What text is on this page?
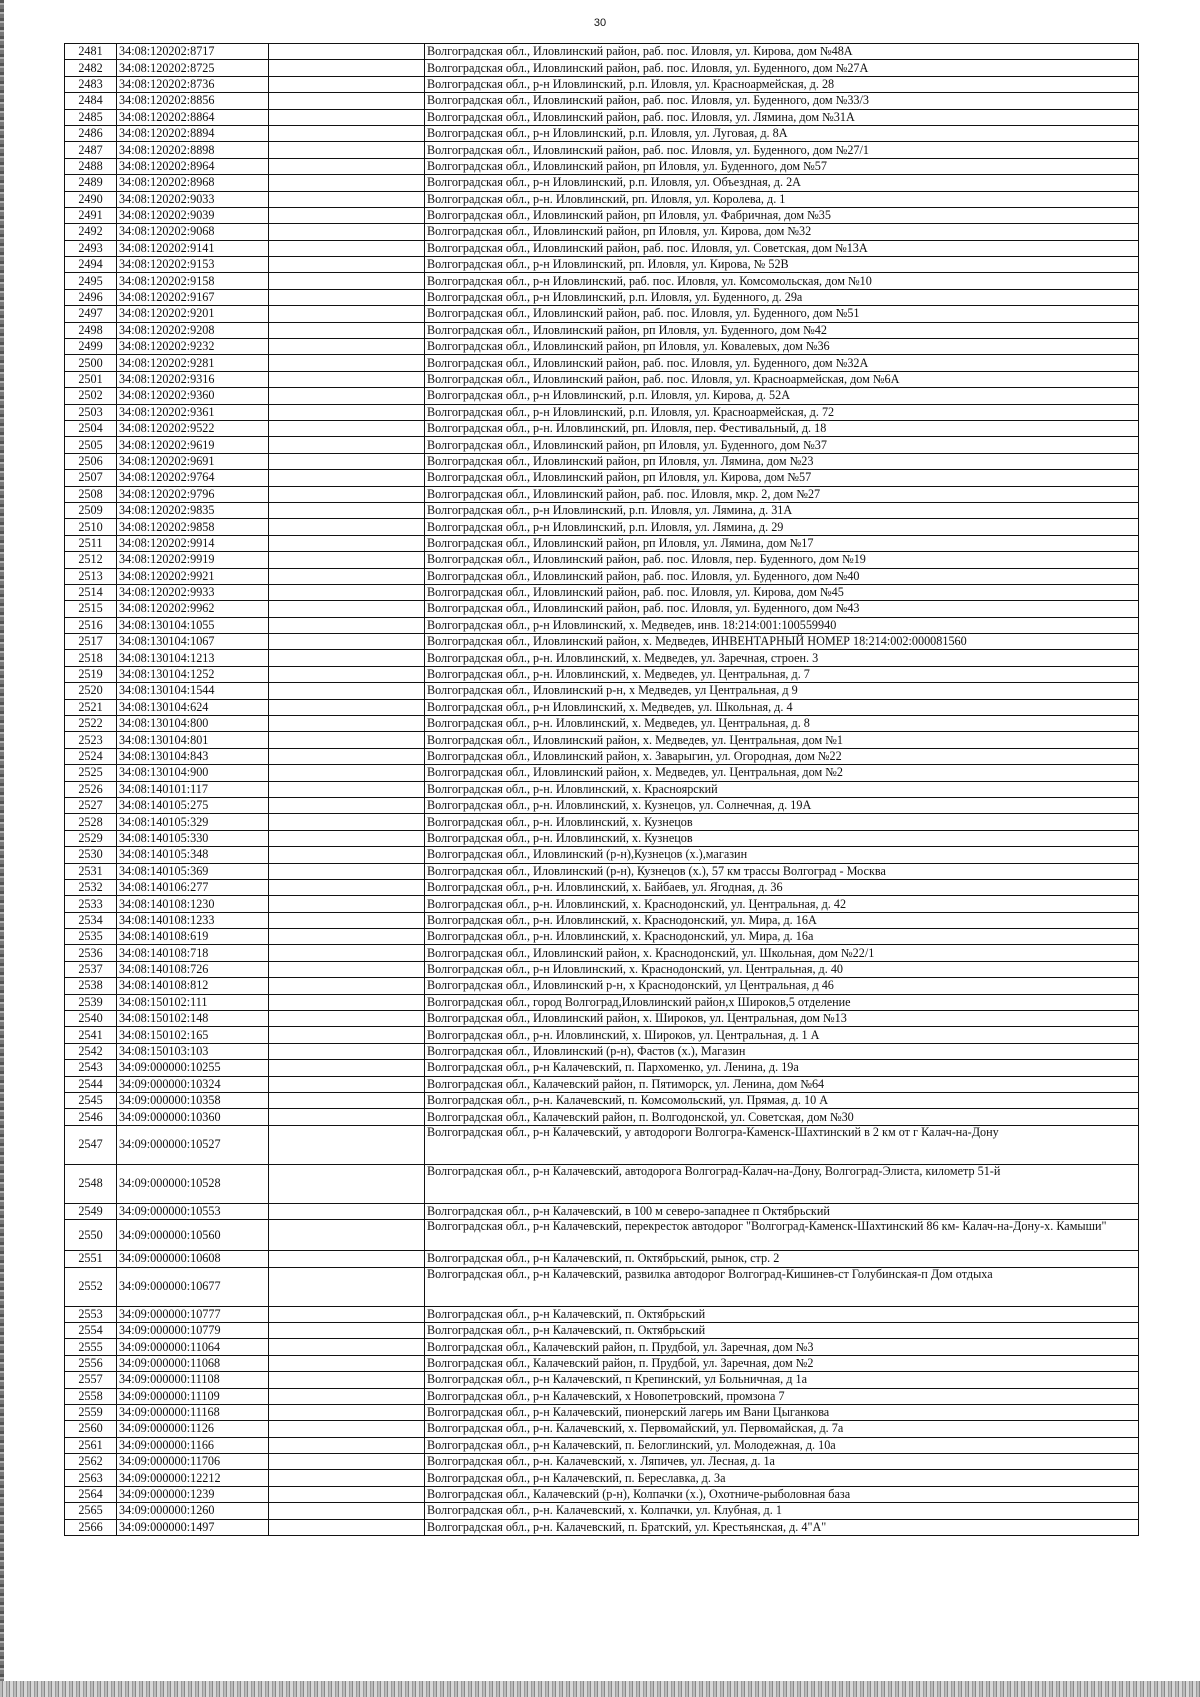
30
2481	34:08:120202:8717		Волгоградская обл., Иловлинский район, раб. пос. Иловля, ул. Кирова, дом №48А
2482	34:08:120202:8725		Волгоградская обл., Иловлинский район, раб. пос. Иловля, ул. Буденного, дом №27А
2483	34:08:120202:8736		Волгоградская обл., р-н Иловлинский, р.п. Иловля, ул. Красноармейская, д. 28
2484	34:08:120202:8856		Волгоградская обл., Иловлинский район, раб. пос. Иловля, ул. Буденного, дом №33/3
2485	34:08:120202:8864		Волгоградская обл., Иловлинский район, раб. пос. Иловля, ул. Лямина, дом №31А
2486	34:08:120202:8894		Волгоградская обл., р-н Иловлинский, р.п. Иловля, ул. Луговая, д. 8А
2487	34:08:120202:8898		Волгоградская обл., Иловлинский район, раб. пос. Иловля, ул. Буденного, дом №27/1
2488	34:08:120202:8964		Волгоградская обл., Иловлинский район, рп Иловля, ул. Буденного, дом №57
2489	34:08:120202:8968		Волгоградская обл., р-н Иловлинский, р.п. Иловля, ул. Объездная, д. 2А
2490	34:08:120202:9033		Волгоградская обл., р-н. Иловлинский, рп. Иловля, ул. Королева, д. 1
2491	34:08:120202:9039		Волгоградская обл., Иловлинский район, рп Иловля, ул. Фабричная, дом №35
2492	34:08:120202:9068		Волгоградская обл., Иловлинский район, рп Иловля, ул. Кирова, дом №32
2493	34:08:120202:9141		Волгоградская обл., Иловлинский район, раб. пос. Иловля, ул. Советская, дом №13А
2494	34:08:120202:9153		Волгоградская обл., р-н Иловлинский, рп. Иловля, ул. Кирова, № 52В
2495	34:08:120202:9158		Волгоградская обл., р-н Иловлинский, раб. пос. Иловля, ул. Комсомольская, дом №10
2496	34:08:120202:9167		Волгоградская обл., р-н Иловлинский, р.п. Иловля, ул. Буденного, д. 29а
2497	34:08:120202:9201		Волгоградская обл., Иловлинский район, раб. пос. Иловля, ул. Буденного, дом №51
2498	34:08:120202:9208		Волгоградская обл., Иловлинский район, рп Иловля, ул. Буденного, дом №42
2499	34:08:120202:9232		Волгоградская обл., Иловлинский район, рп Иловля, ул. Ковалевых, дом №36
2500	34:08:120202:9281		Волгоградская обл., Иловлинский район, раб. пос. Иловля, ул. Буденного, дом №32А
2501	34:08:120202:9316		Волгоградская обл., Иловлинский район, раб. пос. Иловля, ул. Красноармейская, дом №6А
2502	34:08:120202:9360		Волгоградская обл., р-н Иловлинский, р.п. Иловля, ул. Кирова, д. 52А
2503	34:08:120202:9361		Волгоградская обл., р-н Иловлинский, р.п. Иловля, ул. Красноармейская, д. 72
2504	34:08:120202:9522		Волгоградская обл., р-н. Иловлинский, рп. Иловля, пер. Фестивальный, д. 18
2505	34:08:120202:9619		Волгоградская обл., Иловлинский район, рп Иловля, ул. Буденного, дом №37
2506	34:08:120202:9691		Волгоградская обл., Иловлинский район, рп Иловля, ул. Лямина, дом №23
2507	34:08:120202:9764		Волгоградская обл., Иловлинский район, рп Иловля, ул. Кирова, дом №57
2508	34:08:120202:9796		Волгоградская обл., Иловлинский район, раб. пос. Иловля, мкр. 2, дом №27
2509	34:08:120202:9835		Волгоградская обл., р-н Иловлинский, р.п. Иловля, ул. Лямина, д. 31А
2510	34:08:120202:9858		Волгоградская обл., р-н Иловлинский, р.п. Иловля, ул. Лямина, д. 29
2511	34:08:120202:9914		Волгоградская обл., Иловлинский район, рп Иловля, ул. Лямина, дом №17
2512	34:08:120202:9919		Волгоградская обл., Иловлинский район, раб. пос. Иловля, пер. Буденного, дом №19
2513	34:08:120202:9921		Волгоградская обл., Иловлинский район, раб. пос. Иловля, ул. Буденного, дом №40
2514	34:08:120202:9933		Волгоградская обл., Иловлинский район, раб. пос. Иловля, ул. Кирова, дом №45
2515	34:08:120202:9962		Волгоградская обл., Иловлинский район, раб. пос. Иловля, ул. Буденного, дом №43
2516	34:08:130104:1055		Волгоградская обл., р-н Иловлинский, х. Медведев, инв. 18:214:001:100559940
2517	34:08:130104:1067		Волгоградская обл., Иловлинский район, х. Медведев, ИНВЕНТАРНЫЙ НОМЕР 18:214:002:000081560
2518	34:08:130104:1213		Волгоградская обл., р-н. Иловлинский, х. Медведев, ул. Заречная, строен. 3
2519	34:08:130104:1252		Волгоградская обл., р-н. Иловлинский, х. Медведев, ул. Центральная, д. 7
2520	34:08:130104:1544		Волгоградская обл., Иловлинский р-н, х Медведев, ул Центральная, д 9
2521	34:08:130104:624		Волгоградская обл., р-н Иловлинский, х. Медведев, ул. Школьная, д. 4
2522	34:08:130104:800		Волгоградская обл., р-н. Иловлинский, х. Медведев, ул. Центральная, д. 8
2523	34:08:130104:801		Волгоградская обл., Иловлинский район, х. Медведев, ул. Центральная, дом №1
2524	34:08:130104:843		Волгоградская обл., Иловлинский район, х. Заварыгин, ул. Огородная, дом №22
2525	34:08:130104:900		Волгоградская обл., Иловлинский район, х. Медведев, ул. Центральная, дом №2
2526	34:08:140101:117		Волгоградская обл., р-н. Иловлинский, х. Красноярский
2527	34:08:140105:275		Волгоградская обл., р-н. Иловлинский, х. Кузнецов, ул. Солнечная, д. 19А
2528	34:08:140105:329		Волгоградская обл., р-н. Иловлинский, х. Кузнецов
2529	34:08:140105:330		Волгоградская обл., р-н. Иловлинский, х. Кузнецов
2530	34:08:140105:348		Волгоградская обл., Иловлинский (р-н),Кузнецов (х.),магазин
2531	34:08:140105:369		Волгоградская обл., Иловлинский (р-н), Кузнецов (х.), 57 км трассы Волгоград - Москва
2532	34:08:140106:277		Волгоградская обл., р-н. Иловлинский, х. Байбаев, ул. Ягодная, д. 36
2533	34:08:140108:1230		Волгоградская обл., р-н. Иловлинский, х. Краснодонский, ул. Центральная, д. 42
2534	34:08:140108:1233		Волгоградская обл., р-н. Иловлинский, х. Краснодонский, ул. Мира, д. 16А
2535	34:08:140108:619		Волгоградская обл., р-н. Иловлинский, х. Краснодонский, ул. Мира, д. 16а
2536	34:08:140108:718		Волгоградская обл., Иловлинский район, х. Краснодонский, ул. Школьная, дом №22/1
2537	34:08:140108:726		Волгоградская обл., р-н Иловлинский, х. Краснодонский, ул. Центральная, д. 40
2538	34:08:140108:812		Волгоградская обл., Иловлинский р-н, х Краснодонский, ул Центральная, д 46
2539	34:08:150102:111		Волгоградская обл., город Волгоград,Иловлинский район,х Широков,5 отделение
2540	34:08:150102:148		Волгоградская обл., Иловлинский район, х. Широков, ул. Центральная, дом №13
2541	34:08:150102:165		Волгоградская обл., р-н. Иловлинский, х. Широков, ул. Центральная, д. 1 А
2542	34:08:150103:103		Волгоградская обл., Иловлинский (р-н), Фастов (х.), Магазин
2543	34:09:000000:10255		Волгоградская обл., р-н Калачевский, п. Пархоменко, ул. Ленина, д. 19а
2544	34:09:000000:10324		Волгоградская обл., Калачевский район, п. Пятиморск, ул. Ленина, дом №64
2545	34:09:000000:10358		Волгоградская обл., р-н. Калачевский, п. Комсомольский, ул. Прямая, д. 10 А
2546	34:09:000000:10360		Волгоградская обл., Калачевский район, п. Волгодонской, ул. Советская, дом №30
2547	34:09:000000:10527		Волгоградская обл., р-н Калачевский, у автодороги Волгогра-Каменск-Шахтинский в 2 км от г Калач-на-Дону
2548	34:09:000000:10528		Волгоградская обл., р-н Калачевский, автодорога Волгоград-Калач-на-Дону, Волгоград-Элиста, километр 51-й
2549	34:09:000000:10553		Волгоградская обл., р-н Калачевский, в 100 м северо-западнее п Октябрьский
2550	34:09:000000:10560		Волгоградская обл., р-н Калачевский, перекресток автодорог "Волгоград-Каменск-Шахтинский 86 км- Калач-на-Дону-х. Камыши"
2551	34:09:000000:10608		Волгоградская обл., р-н Калачевский, п. Октябрьский, рынок, стр. 2
2552	34:09:000000:10677		Волгоградская обл., р-н Калачевский, развилка автодорог Волгоград-Кишинев-ст Голубинская-п Дом отдыха
2553	34:09:000000:10777		Волгоградская обл., р-н Калачевский, п. Октябрьский
2554	34:09:000000:10779		Волгоградская обл., р-н Калачевский, п. Октябрьский
2555	34:09:000000:11064		Волгоградская обл., Калачевский район, п. Прудбой, ул. Заречная, дом №3
2556	34:09:000000:11068		Волгоградская обл., Калачевский район, п. Прудбой, ул. Заречная, дом №2
2557	34:09:000000:11108		Волгоградская обл., р-н Калачевский, п Крепинский, ул Больничная, д 1а
2558	34:09:000000:11109		Волгоградская обл., р-н Калачевский, х Новопетровский, промзона 7
2559	34:09:000000:11168		Волгоградская обл., р-н Калачевский, пионерский лагерь им Вани Цыганкова
2560	34:09:000000:1126		Волгоградская обл., р-н. Калачевский, х. Первомайский, ул. Первомайская, д. 7а
2561	34:09:000000:1166		Волгоградская обл., р-н Калачевский, п. Белоглинский, ул. Молодежная, д. 10а
2562	34:09:000000:11706		Волгоградская обл., р-н. Калачевский, х. Ляпичев, ул. Лесная, д. 1а
2563	34:09:000000:12212		Волгоградская обл., р-н Калачевский, п. Береславка, д. 3а
2564	34:09:000000:1239		Волгоградская обл., Калачевский (р-н), Колпачки (х.), Охотниче-рыболовная база
2565	34:09:000000:1260		Волгоградская обл., р-н. Калачевский, х. Колпачки, ул. Клубная, д. 1
2566	34:09:000000:1497		Волгоградская обл., р-н. Калачевский, п. Братский, ул. Крестьянская, д. 4"А"
